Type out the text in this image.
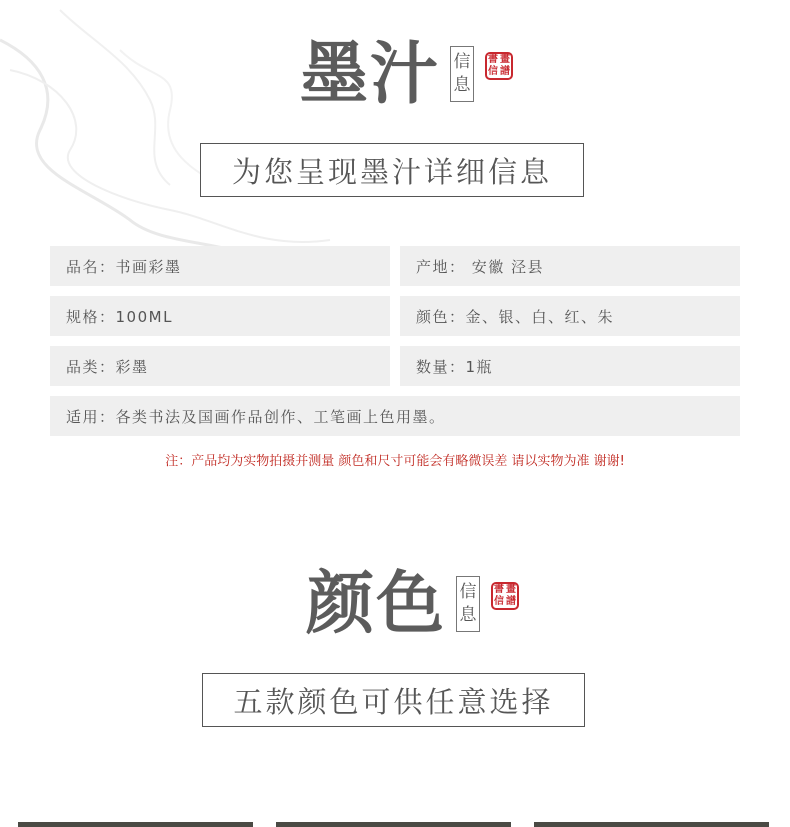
墨汁 信
息
書 畫
信 譜
为您呈现墨汁详细信息
品名：书画彩墨	产地： 安徽 泾县
规格：100ML	颜色：金、银、白、红、朱
品类：彩墨	数量：1瓶
适用：各类书法及国画作品创作、工笔画上色用墨。
注：产品均为实物拍摄并测量 颜色和尺寸可能会有略微误差 请以实物为准 谢谢!
颜色 信
息
書 畫
信 譜
五款颜色可供任意选择
